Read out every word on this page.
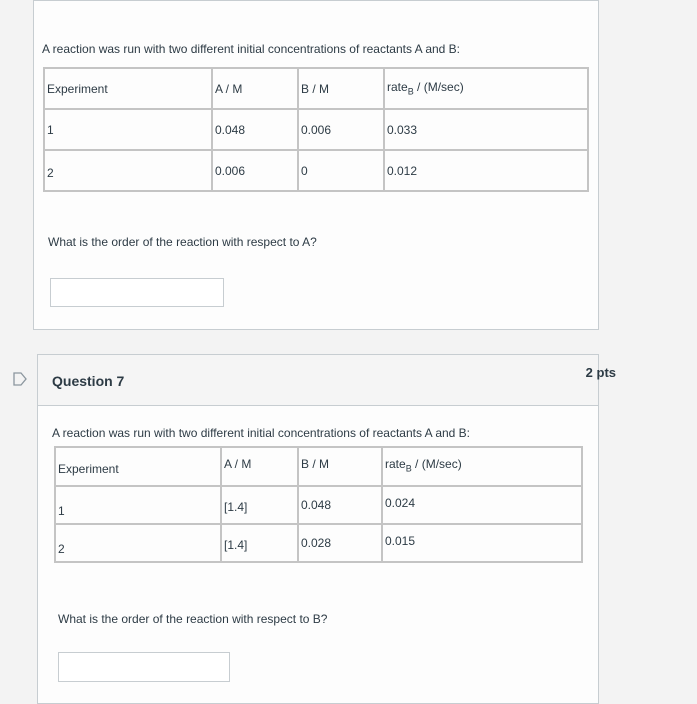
A reaction was run with two different initial concentrations of reactants A and B:
Experiment	A / M	B / M	rate$_B$ / (M/sec)
1	0.048	0.006	0.033
2	0.006	0	0.012
What is the order of the reaction with respect to A?
Question 7
2 pts
A reaction was run with two different initial concentrations of reactants A and B:
Experiment	A / M	B / M	rate$_B$ / (M/sec)
1	[1.4]	0.048	0.024
2	[1.4]	0.028	0.015
What is the order of the reaction with respect to B?
